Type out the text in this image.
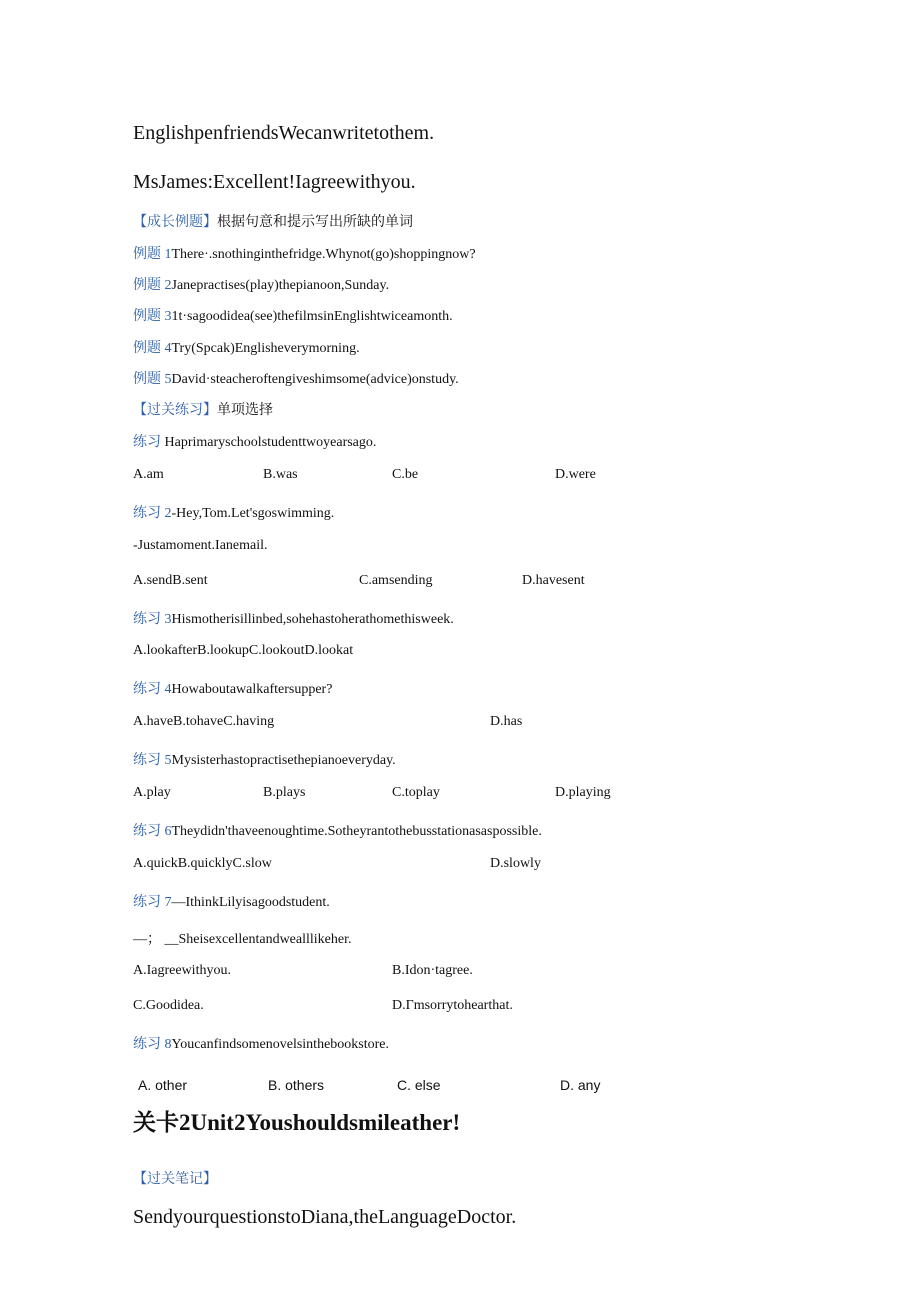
EnglishpenfriendsWecanwritetothem.
MsJames:Excellent!Iagreewithyou.
【成长例题】根据句意和提示写出所缺的单词
例题 1There·.snothinginthefridge.Whynot(go)shoppingnow?
例题 2Janepractises(play)thepianoon,Sunday.
例题 31t·sagoodidea(see)thefilmsinEnglishtwiceamonth.
例题 4Try(Spcak)Englisheverymorning.
例题 5David·steacheroftengiveshimsome(advice)onstudy.
【过关练习】单项选择
练习 Haprimaryschoolstudenttwoyearsago.
A.am	B.was	C.be	D.were
练习 2-Hey,Tom.Let'sgoswimming.
-Justamoment.Ianemail.
A.sendB.sent	C.amsending	D.havesent
练习 3Hismotherisillinbed,sohehastoherathomethisweek.
A.lookafterB.lookupC.lookoutD.lookat
练习 4Howaboutawalkaftersupper?
A.haveB.tohaveC.having	D.has
练习 5Mysisterhastopractisethepianoeveryday.
A.play	B.plays	C.toplay	D.playing
练习 6Theydidn'thaveenoughtime.Sotheyrantothebusstationasaspossible.
A.quickB.quicklyC.slow	D.slowly
练习 7—IthinkLilyisagoodstudent.
—； __Sheisexcellentandwealllikeher.
A.Iagreewithyou.	B.Idon·tagree.
C.Goodidea.	D.Γmsorrytohearthat.
练习 8Youcanfindsomenovelsinthebookstore.
A. other	B. others	C. else	D. any
关卡2Unit2Youshouldsmileather!
【过关笔记】
SendyourquestionstoDiana,theLanguageDoctor.
